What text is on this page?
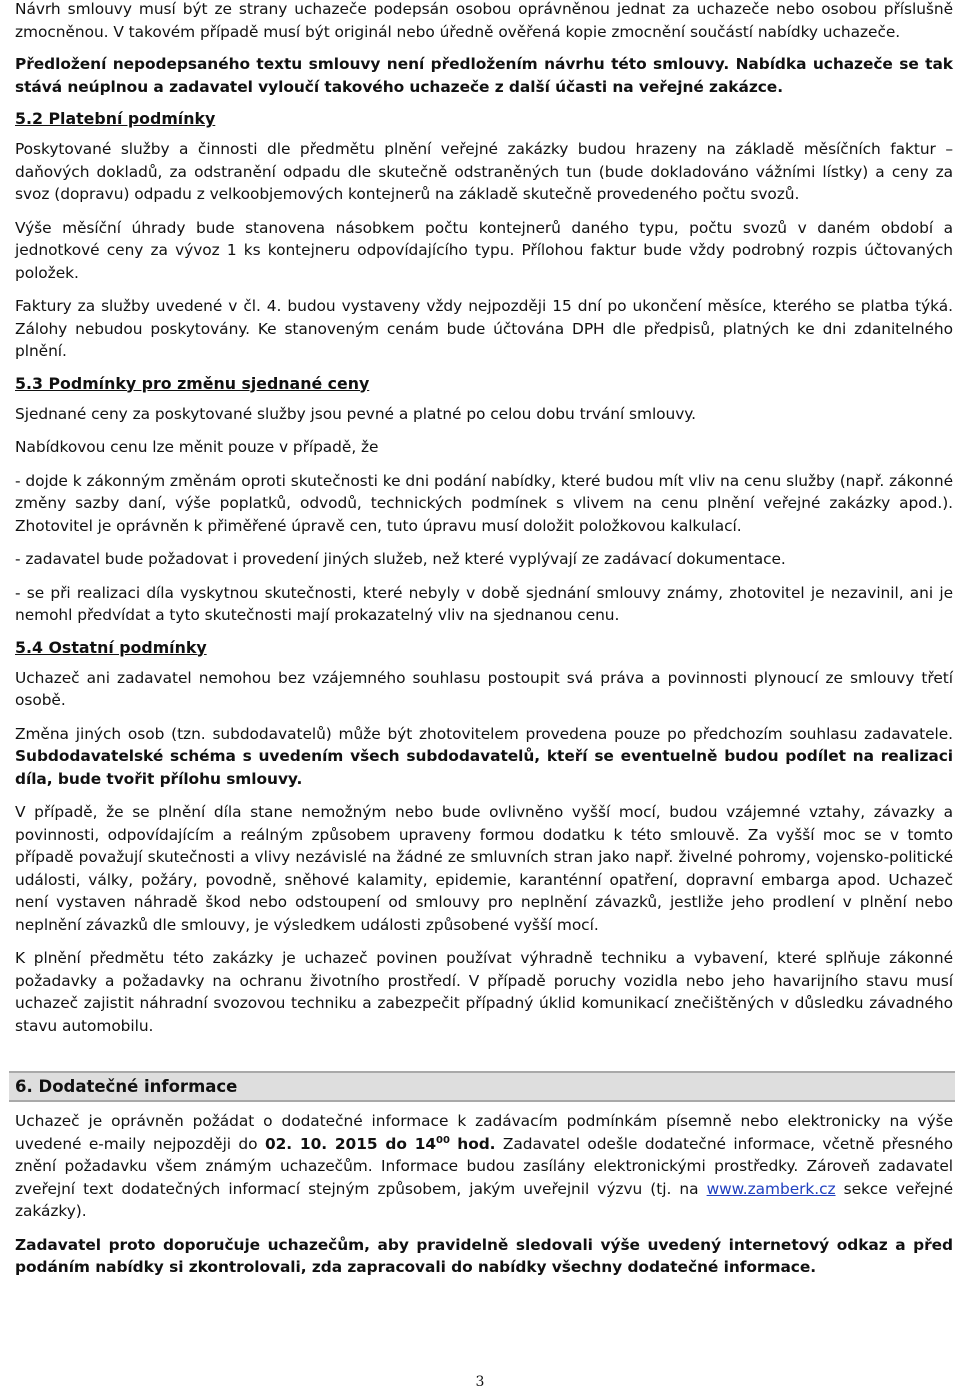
Návrh smlouvy musí být ze strany uchazeče podepsán osobou oprávněnou jednat za uchazeče nebo osobou příslušně zmocněnou. V takovém případě musí být originál nebo úředně ověřená kopie zmocnění součástí nabídky uchazeče.

Předložení nepodepsaného textu smlouvy není předložením návrhu této smlouvy. Nabídka uchazeče se tak stává neúplnou a zadavatel vyloučí takového uchazeče z další účasti na veřejné zakázce.

5.2 Platební podmínky

Poskytované služby a činnosti dle předmětu plnění veřejné zakázky budou hrazeny na základě měsíčních faktur – daňových dokladů, za odstranění odpadu dle skutečně odstraněných tun (bude dokladováno vážními lístky) a ceny za svoz (dopravu) odpadu z velkoobjemových kontejnerů na základě skutečně provedeného počtu svozů.

Výše měsíční úhrady bude stanovena násobkem počtu kontejnerů daného typu, počtu svozů v daném období a jednotkové ceny za vývoz 1 ks kontejneru odpovídajícího typu. Přílohou faktur bude vždy podrobný rozpis účtovaných položek.

Faktury za služby uvedené v čl. 4. budou vystaveny vždy nejpozději 15 dní po ukončení měsíce, kterého se platba týká. Zálohy nebudou poskytovány. Ke stanoveným cenám bude účtována DPH dle předpisů, platných ke dni zdanitelného plnění.

5.3 Podmínky pro změnu sjednané ceny

Sjednané ceny za poskytované služby jsou pevné a platné po celou dobu trvání smlouvy.

Nabídkovou cenu lze měnit pouze v případě, že

- dojde k zákonným změnám oproti skutečnosti ke dni podání nabídky, které budou mít vliv na cenu služby (např. zákonné změny sazby daní, výše poplatků, odvodů, technických podmínek s vlivem na cenu plnění veřejné zakázky apod.). Zhotovitel je oprávněn k přiměřené úpravě cen, tuto úpravu musí doložit položkovou kalkulací.

- zadavatel bude požadovat i provedení jiných služeb, než které vyplývají ze zadávací dokumentace.

- se při realizaci díla vyskytnou skutečnosti, které nebyly v době sjednání smlouvy známy, zhotovitel je nezavinil, ani je nemohl předvídat a tyto skutečnosti mají prokazatelný vliv na sjednanou cenu.

5.4 Ostatní podmínky

Uchazeč ani zadavatel nemohou bez vzájemného souhlasu postoupit svá práva a povinnosti plynoucí ze smlouvy třetí osobě.

Změna jiných osob (tzn. subdodavatelů) může být zhotovitelem provedena pouze po předchozím souhlasu zadavatele. Subdodavatelské schéma s uvedením všech subdodavatelů, kteří se eventuelně budou podílet na realizaci díla, bude tvořit přílohu smlouvy.

V případě, že se plnění díla stane nemožným nebo bude ovlivněno vyšší mocí, budou vzájemné vztahy, závazky a povinnosti, odpovídajícím a reálným způsobem upraveny formou dodatku k této smlouvě. Za vyšší moc se v tomto případě považují skutečnosti a vlivy nezávislé na žádné ze smluvních stran jako např. živelné pohromy, vojensko-politické události, války, požáry, povodně, sněhové kalamity, epidemie, karanténní opatření, dopravní embarga apod. Uchazeč není vystaven náhradě škod nebo odstoupení od smlouvy pro neplnění závazků, jestliže jeho prodlení v plnění nebo neplnění závazků dle smlouvy, je výsledkem události způsobené vyšší mocí.

K plnění předmětu této zakázky je uchazeč povinen používat výhradně techniku a vybavení, které splňuje zákonné požadavky a požadavky na ochranu životního prostředí. V případě poruchy vozidla nebo jeho havarijního stavu musí uchazeč zajistit náhradní svozovou techniku a zabezpečit případný úklid komunikací znečištěných v důsledku závadného stavu automobilu.

6. Dodatečné informace

Uchazeč je oprávněn požádat o dodatečné informace k zadávacím podmínkám písemně nebo elektronicky na výše uvedené e-maily nejpozději do 02. 10. 2015 do $14^{00}$ hod. Zadavatel odešle dodatečné informace, včetně přesného znění požadavku všem známým uchazečům. Informace budou zasílány elektronickými prostředky. Zároveň zadavatel zveřejní text dodatečných informací stejným způsobem, jakým uveřejnil výzvu (tj. na www.zamberk.cz sekce veřejné zakázky).

Zadavatel proto doporučuje uchazečům, aby pravidelně sledovali výše uvedený internetový odkaz a před podáním nabídky si zkontrolovali, zda zapracovali do nabídky všechny dodatečné informace.

3
